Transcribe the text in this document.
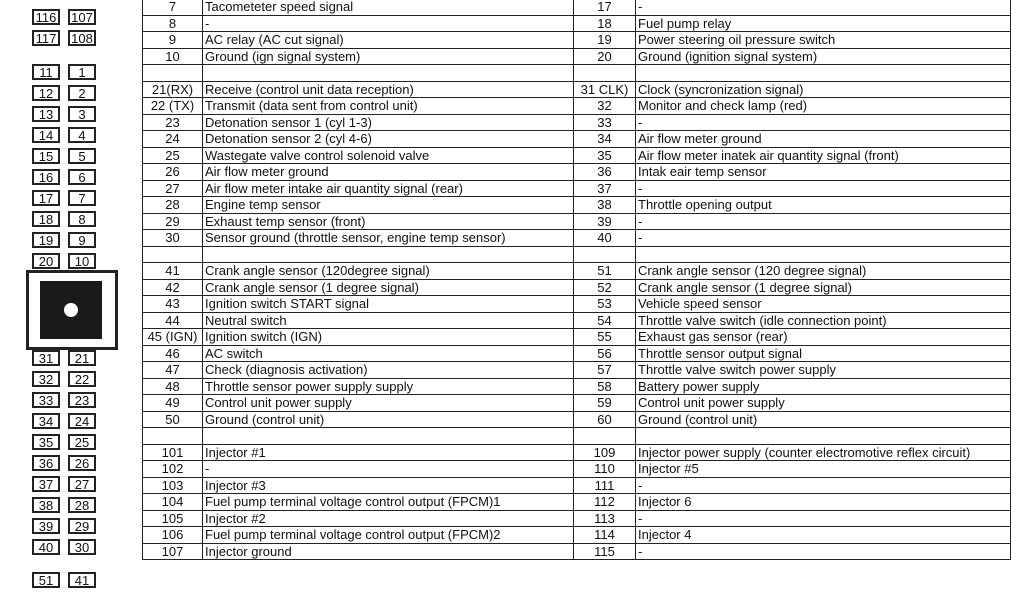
116 107
117 108
11	1
12	2
13	3
14	4
15	5
16	6
17	7
18	8
19	9
20	10
31	21
32	22
33	23
34	24
35	25
36	26
37	27
38	28
39	29
40	30
51	41
7	Tacometeter speed signal	17	-
8	-	18	Fuel pump relay
9	AC relay (AC cut signal)	19	Power steering oil pressure switch
10	Ground (ign signal system)	20	Ground (ignition signal system)

21(RX)	Receive (control unit data reception)	31 CLK)	Clock (syncronization signal)
22 (TX)	Transmit (data sent from control unit)	32	Monitor and check lamp (red)
23	Detonation sensor 1 (cyl 1-3)	33	-
24	Detonation sensor 2 (cyl 4-6)	34	Air flow meter ground
25	Wastegate valve control solenoid valve	35	Air flow meter inatek air quantity signal (front)
26	Air flow meter ground	36	Intak eair temp sensor
27	Air flow meter intake air quantity signal (rear)	37	-
28	Engine temp sensor	38	Throttle opening output
29	Exhaust temp sensor (front)	39	-
30	Sensor ground (throttle sensor, engine temp sensor)	40	-

41	Crank angle sensor (120degree signal)	51	Crank angle sensor (120 degree signal)
42	Crank angle sensor (1 degree signal)	52	Crank angle sensor (1 degree signal)
43	Ignition switch START signal	53	Vehicle speed sensor
44	Neutral switch	54	Throttle valve switch (idle connection point)
45 (IGN)	Ignition switch (IGN)	55	Exhaust gas sensor (rear)
46	AC switch	56	Throttle sensor output signal
47	Check (diagnosis activation)	57	Throttle valve switch power supply
48	Throttle sensor power supply supply	58	Battery power supply
49	Control unit power supply	59	Control unit power supply
50	Ground (control unit)	60	Ground (control unit)

101	Injector #1	109	Injector power supply (counter electromotive reflex circuit)
102	-	110	Injector #5
103	Injector #3	111	-
104	Fuel pump terminal voltage control output (FPCM)1	112	Injector 6
105	Injector #2	113	-
106	Fuel pump terminal voltage control output (FPCM)2	114	Injector 4
107	Injector ground	115	-
